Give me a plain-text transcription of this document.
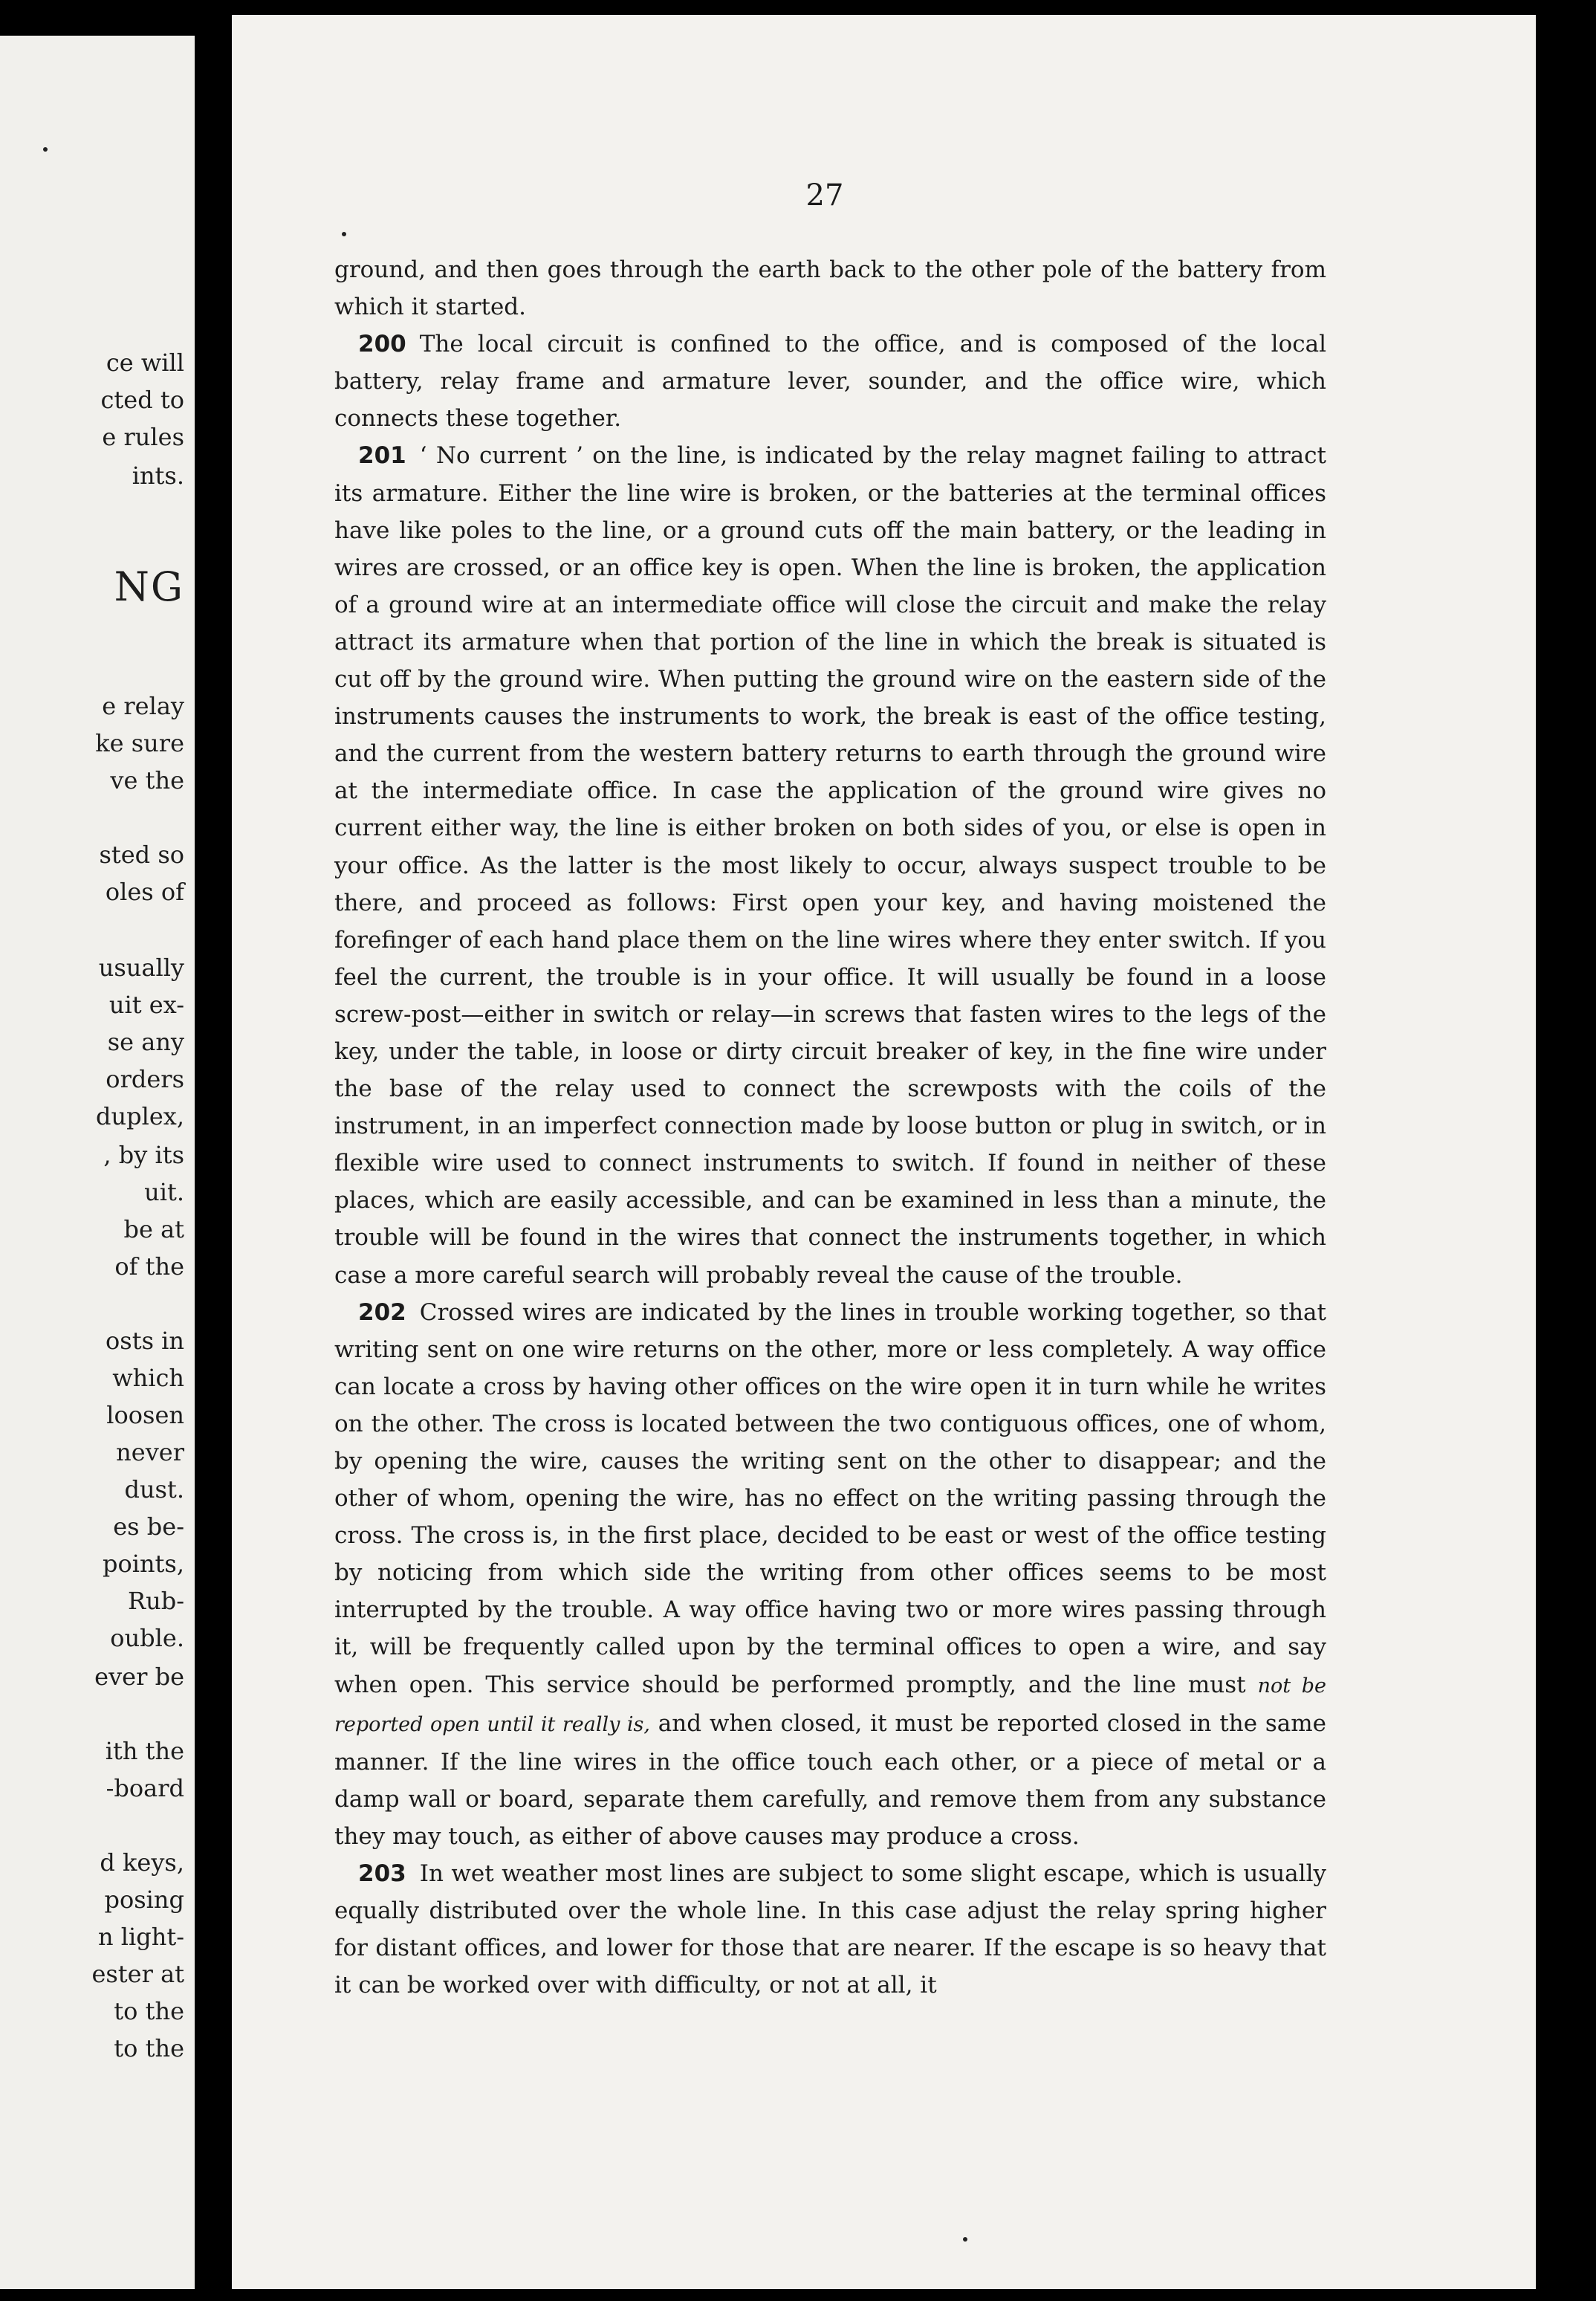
ce will

cted to

e rules

ints.

NG

e relay

ke sure

ve the

sted so

oles of

usually

uit ex-

se any

orders

duplex,

, by its

uit.

be at

of the

osts in

which

loosen

never

dust.

es be-

points,

Rub-

ouble.

ever be

ith the

-board

d keys,

posing

n light-

ester at

to the

to the

27

ground, and then goes through the earth back to the other pole of the battery from which it started.

200 The local circuit is confined to the office, and is composed of the local battery, relay frame and armature lever, sounder, and the office wire, which connects these together.

201 ‘ No current ’ on the line, is indicated by the relay magnet failing to attract its armature. Either the line wire is broken, or the batteries at the terminal offices have like poles to the line, or a ground cuts off the main battery, or the leading in wires are crossed, or an office key is open. When the line is broken, the application of a ground wire at an intermediate office will close the circuit and make the relay attract its armature when that portion of the line in which the break is situated is cut off by the ground wire. When putting the ground wire on the eastern side of the instruments causes the instruments to work, the break is east of the office testing, and the current from the western battery returns to earth through the ground wire at the intermediate office. In case the application of the ground wire gives no current either way, the line is either broken on both sides of you, or else is open in your office. As the latter is the most likely to occur, always suspect trouble to be there, and proceed as follows: First open your key, and having moistened the forefinger of each hand place them on the line wires where they enter switch. If you feel the current, the trouble is in your office. It will usually be found in a loose screw-post—either in switch or relay—in screws that fasten wires to the legs of the key, under the table, in loose or dirty circuit breaker of key, in the fine wire under the base of the relay used to connect the screwposts with the coils of the instrument, in an imperfect connection made by loose button or plug in switch, or in flexible wire used to connect instruments to switch. If found in neither of these places, which are easily accessible, and can be examined in less than a minute, the trouble will be found in the wires that connect the instruments together, in which case a more careful search will probably reveal the cause of the trouble.

202 Crossed wires are indicated by the lines in trouble working together, so that writing sent on one wire returns on the other, more or less completely. A way office can locate a cross by having other offices on the wire open it in turn while he writes on the other. The cross is located between the two contiguous offices, one of whom, by opening the wire, causes the writing sent on the other to disappear; and the other of whom, opening the wire, has no effect on the writing passing through the cross. The cross is, in the first place, decided to be east or west of the office testing by noticing from which side the writing from other offices seems to be most interrupted by the trouble. A way office having two or more wires passing through it, will be frequently called upon by the terminal offices to open a wire, and say when open. This service should be performed promptly, and the line must not be reported open until it really is, and when closed, it must be reported closed in the same manner. If the line wires in the office touch each other, or a piece of metal or a damp wall or board, separate them carefully, and remove them from any substance they may touch, as either of above causes may produce a cross.

203 In wet weather most lines are subject to some slight escape, which is usually equally distributed over the whole line. In this case adjust the relay spring higher for distant offices, and lower for those that are nearer. If the escape is so heavy that it can be worked over with difficulty, or not at all, it
